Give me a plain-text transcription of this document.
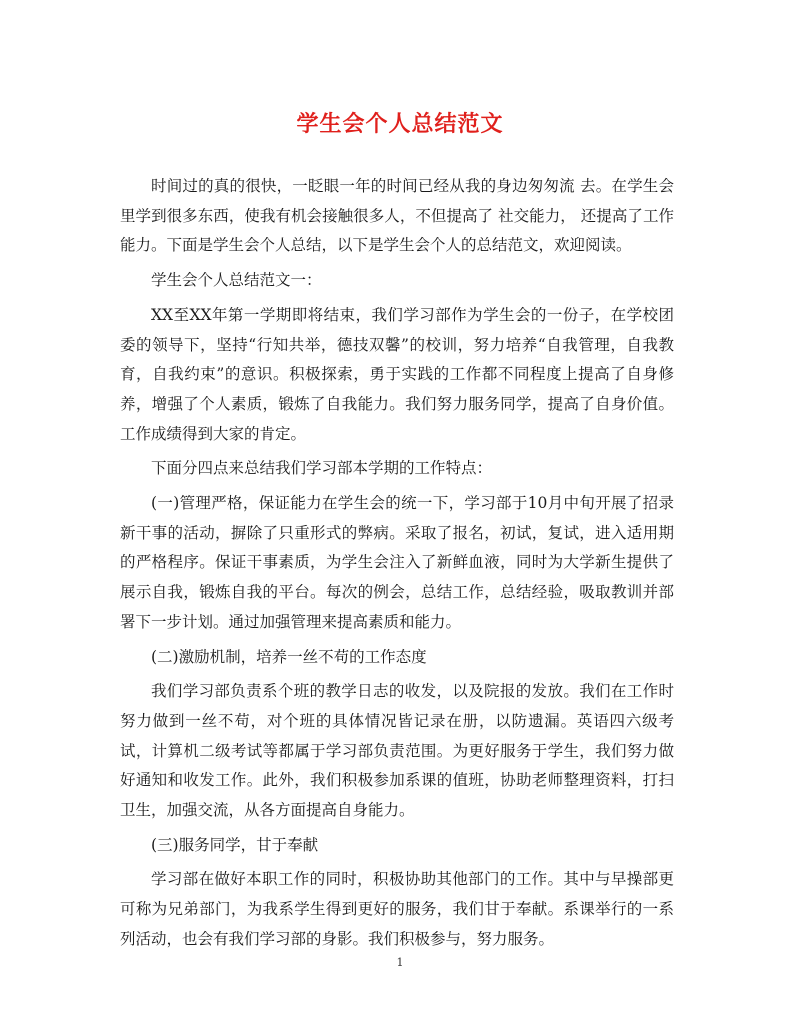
学生会个人总结范文

时间过的真的很快，一眨眼一年的时间已经从我的身边匆匆流 去。在学生会里学到很多东西，使我有机会接触很多人，不但提高了 社交能力， 还提高了工作能力。下面是学生会个人总结，以下是学生会个人的总结范文，欢迎阅读。

学生会个人总结范文一：

XX至XX年第一学期即将结束，我们学习部作为学生会的一份子，在学校团委的领导下，坚持“行知共举，德技双馨”的校训，努力培养“自我管理，自我教育，自我约束”的意识。积极探索，勇于实践的工作都不同程度上提高了自身修养，增强了个人素质，锻炼了自我能力。我们努力服务同学，提高了自身价值。工作成绩得到大家的肯定。

下面分四点来总结我们学习部本学期的工作特点：

(一)管理严格，保证能力在学生会的统一下，学习部于10月中旬开展了招录新干事的活动，摒除了只重形式的弊病。采取了报名，初试，复试，进入适用期的严格程序。保证干事素质，为学生会注入了新鲜血液，同时为大学新生提供了展示自我，锻炼自我的平台。每次的例会，总结工作，总结经验，吸取教训并部署下一步计划。通过加强管理来提高素质和能力。

(二)激励机制，培养一丝不苟的工作态度

我们学习部负责系个班的教学日志的收发，以及院报的发放。我们在工作时努力做到一丝不苟，对个班的具体情况皆记录在册，以防遗漏。英语四六级考试，计算机二级考试等都属于学习部负责范围。为更好服务于学生，我们努力做好通知和收发工作。此外，我们积极参加系课的值班，协助老师整理资料，打扫卫生，加强交流，从各方面提高自身能力。

(三)服务同学，甘于奉献

学习部在做好本职工作的同时，积极协助其他部门的工作。其中与早操部更可称为兄弟部门，为我系学生得到更好的服务，我们甘于奉献。系课举行的一系列活动，也会有我们学习部的身影。我们积极参与，努力服务。

1
